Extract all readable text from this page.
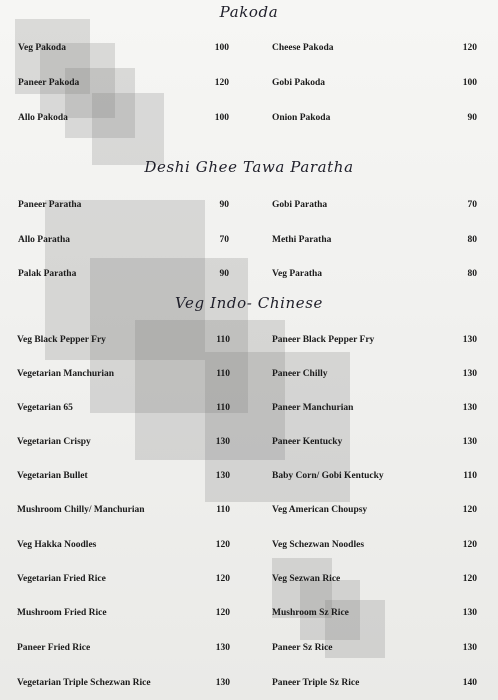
Pakoda
Deshi Ghee Tawa Paratha
Veg Indo- Chinese
Veg Pakoda	100	Cheese Pakoda	120
Paneer Pakoda	120	Gobi Pakoda	100
Allo Pakoda	100	Onion Pakoda	90
Paneer Paratha	90	Gobi Paratha	70
Allo Paratha	70	Methi Paratha	80
Palak Paratha	90	Veg Paratha	80
Veg Black Pepper Fry	110	Paneer Black Pepper Fry	130
Vegetarian Manchurian	110	Paneer Chilly	130
Vegetarian 65	110	Paneer Manchurian	130
Vegetarian Crispy	130	Paneer Kentucky	130
Vegetarian Bullet	130	Baby Corn/ Gobi Kentucky	110
Mushroom Chilly/ Manchurian	110	Veg American Choupsy	120
Veg Hakka Noodles	120	Veg Schezwan Noodles	120
Vegetarian Fried Rice	120	Veg Sezwan Rice	120
Mushroom Fried Rice	120	Mushroom Sz Rice	130
Paneer Fried Rice	130	Paneer Sz Rice	130
Vegetarian Triple Schezwan Rice	130	Paneer Triple Sz Rice	140
